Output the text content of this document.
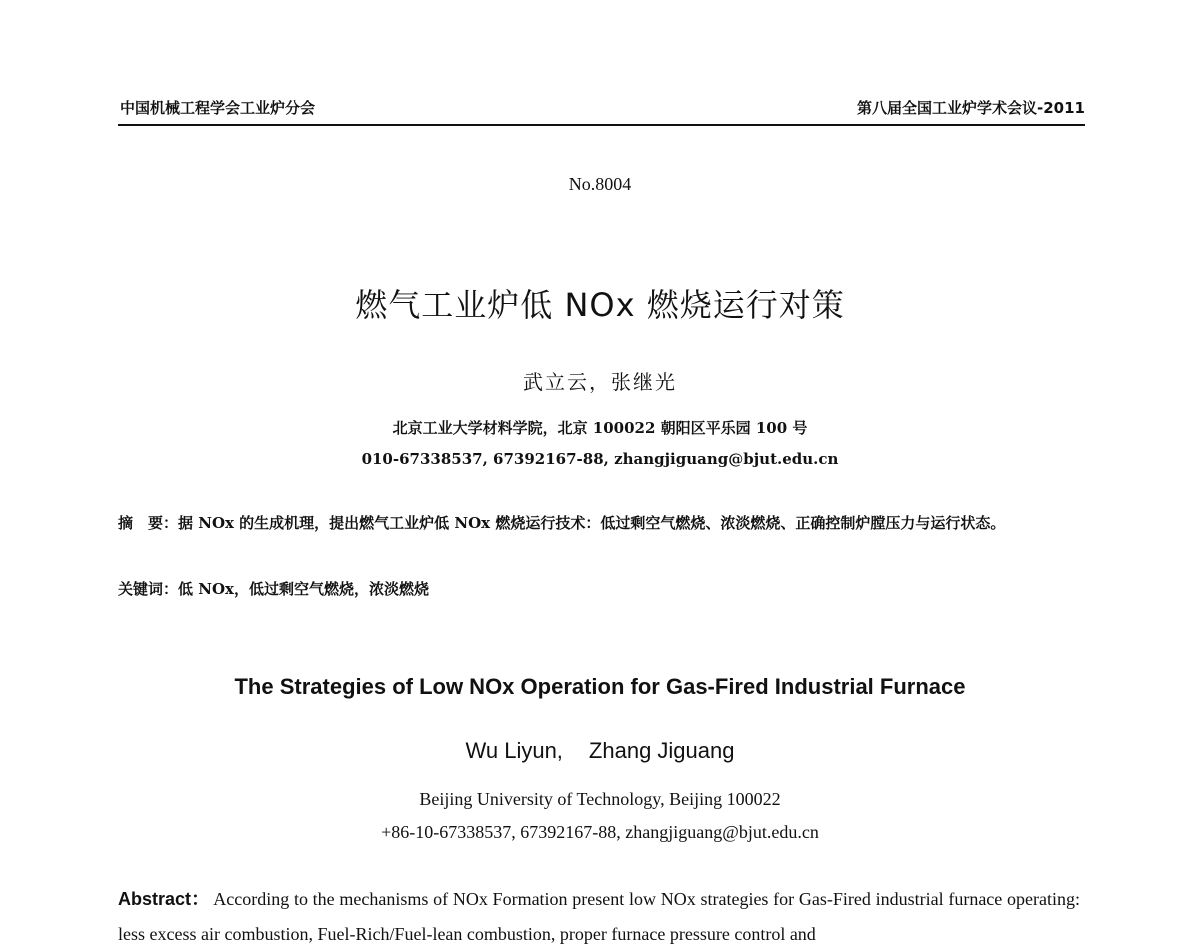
中国机械工程学会工业炉分会	第八届全国工业炉学术会议-2011
No.8004
燃气工业炉低 NOx 燃烧运行对策
武立云，张继光
北京工业大学材料学院，北京 100022 朝阳区平乐园 100 号
010-67338537, 67392167-88, zhangjiguang@bjut.edu.cn
摘　要：据 NOx 的生成机理，提出燃气工业炉低 NOx 燃烧运行技术：低过剩空气燃烧、浓淡燃烧、正确控制炉膛压力与运行状态。
关键词：低 NOx，低过剩空气燃烧，浓淡燃烧
The Strategies of Low NOx Operation for Gas-Fired Industrial Furnace
Wu Liyun, Zhang Jiguang
Beijing University of Technology, Beijing 100022
+86-10-67338537, 67392167-88, zhangjiguang@bjut.edu.cn
Abstract： According to the mechanisms of NOx Formation present low NOx strategies for Gas-Fired industrial furnace operating: less excess air combustion, Fuel-Rich/Fuel-lean combustion, proper furnace pressure control and
